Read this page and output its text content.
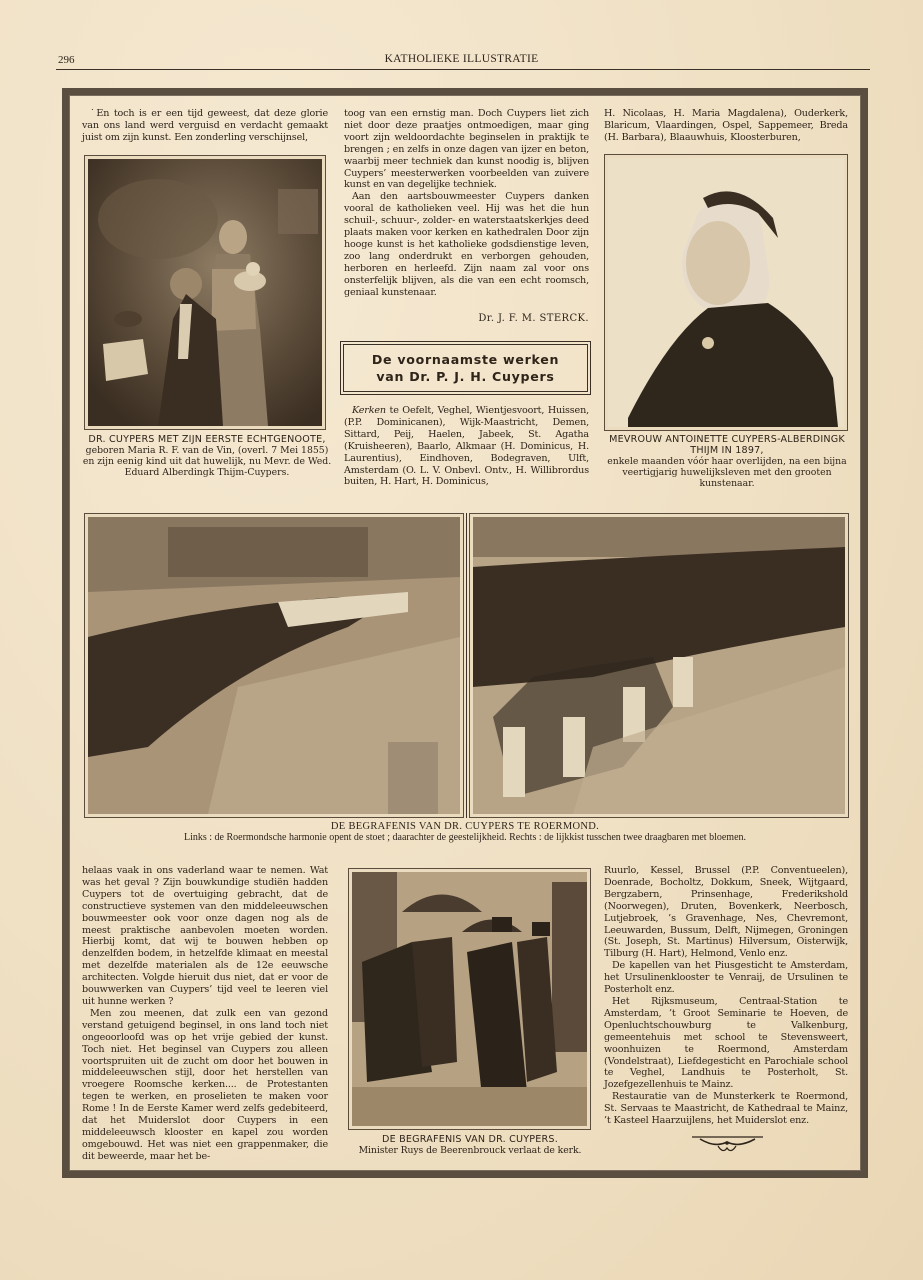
296	KATHOLIEKE ILLUSTRATIE

˙En toch is er een tijd geweest, dat deze glorie van ons land werd verguisd en verdacht gemaakt juist om zijn kunst. Een zonderling verschijnsel,

DR. CUYPERS MET ZIJN EERSTE ECHTGENOOTE,
geboren Maria R. F. van de Vin, (overl. 7 Mei 1855) en zijn eenig kind uit dat huwelijk, nu Mevr. de Wed. Eduard Alberdingk Thijm-Cuypers.

toog van een ernstig man. Doch Cuypers liet zich niet door deze praatjes ontmoedigen, maar ging voort zijn weldoordachte beginselen in praktijk te brengen ; en zelfs in onze dagen van ijzer en beton, waarbij meer techniek dan kunst noodig is, blijven Cuypers’ meesterwerken voorbeelden van zuivere kunst en van degelijke techniek.

Aan den aartsbouwmeester Cuypers danken vooral de katholieken veel. Hij was het die hun schuil-, schuur-, zolder- en waterstaatskerkjes deed plaats maken voor kerken en kathedralen Door zijn hooge kunst is het katholieke godsdienstige leven, zoo lang onderdrukt en verborgen gehouden, herboren en herleefd. Zijn naam zal voor ons onsterfelijk blijven, als die van een echt roomsch, geniaal kunstenaar.

Dr. J. F. M. STERCK.
De voornaamste werken
van Dr. P. J. H. Cuypers

Kerken te Oefelt, Veghel, Wientjesvoort, Huissen, (P.P. Dominicanen), Wijk-Maastricht, Demen, Sittard, Peij, Haelen, Jabeek, St. Agatha (Kruisheeren), Baarlo, Alkmaar (H. Dominicus, H. Laurentius), Eindhoven, Bodegraven, Ulft, Amsterdam (O. L. V. Onbevl. Ontv., H. Willibrordus buiten, H. Hart, H. Dominicus,

H. Nicolaas, H. Maria Magdalena), Ouderkerk, Blaricum, Vlaardingen, Ospel, Sappemeer, Breda (H. Barbara), Blaauwhuis, Kloosterburen,

MEVROUW ANTOINETTE CUYPERS-ALBERDINGK THIJM IN 1897,
enkele maanden vóór haar overlijden, na een bijna veertigjarig huwelijksleven met den grooten kunstenaar.
DE BEGRAFENIS VAN DR. CUYPERS TE ROERMOND.
Links : de Roermondsche harmonie opent de stoet ; daarachter de geestelijkheid. Rechts : de lijkkist tusschen twee draagbaren met bloemen.

helaas vaak in ons vaderland waar te nemen. Wat was het geval ? Zijn bouwkundige studiën hadden Cuypers tot de overtuiging gebracht, dat de constructieve systemen van den middeleeuwschen bouwmeester ook voor onze dagen nog als de meest praktische aanbevolen moeten worden. Hierbij komt, dat wij te bouwen hebben op denzelfden bodem, in hetzelfde klimaat en meestal met dezelfde materialen als de 12e eeuwsche architecten. Volgde hieruit dus niet, dat er voor de bouwwerken van Cuypers’ tijd veel te leeren viel uit hunne werken ?

Men zou meenen, dat zulk een van gezond verstand getuigend beginsel, in ons land toch niet ongeoorloofd was op het vrije gebied der kunst. Toch niet. Het beginsel van Cuypers zou alleen voortspruiten uit de zucht om door het bouwen in middeleeuwschen stijl, door het herstellen van vroegere Roomsche kerken.... de Protestanten tegen te werken, en proselieten te maken voor Rome ! In de Eerste Kamer werd zelfs gedebiteerd, dat het Muiderslot door Cuypers in een middeleeuwsch klooster en kapel zou worden omgebouwd. Het was niet een grappenmaker, die dit beweerde, maar het be-

DE BEGRAFENIS VAN DR. CUYPERS.
Minister Ruys de Beerenbrouck verlaat de kerk.

Ruurlo, Kessel, Brussel (P.P. Conventueelen), Doenrade, Bocholtz, Dokkum, Sneek, Wijtgaard, Bergzabern, Prinsenhage, Frederikshold (Noorwegen), Druten, Bovenkerk, Neerbosch, Lutjebroek, ’s Gravenhage, Nes, Chevremont, Leeuwarden, Bussum, Delft, Nijmegen, Groningen (St. Joseph, St. Martinus) Hilversum, Oisterwijk, Tilburg (H. Hart), Helmond, Venlo enz.

De kapellen van het Piusgesticht te Amsterdam, het Ursulinenklooster te Venraij, de Ursulinen te Posterholt enz.

Het Rijksmuseum, Centraal-Station te Amsterdam, ’t Groot Seminarie te Hoeven, de Openluchtschouwburg te Valkenburg, gemeentehuis met school te Stevensweert, woonhuizen te Roermond, Amsterdam (Vondelstraat), Liefdegesticht en Parochiale school te Veghel, Landhuis te Posterholt, St. Jozefgezellenhuis te Mainz.

Restauratie van de Munsterkerk te Roermond, St. Servaas te Maastricht, de Kathedraal te Mainz, ’t Kasteel Haarzuijlens, het Muiderslot enz.
